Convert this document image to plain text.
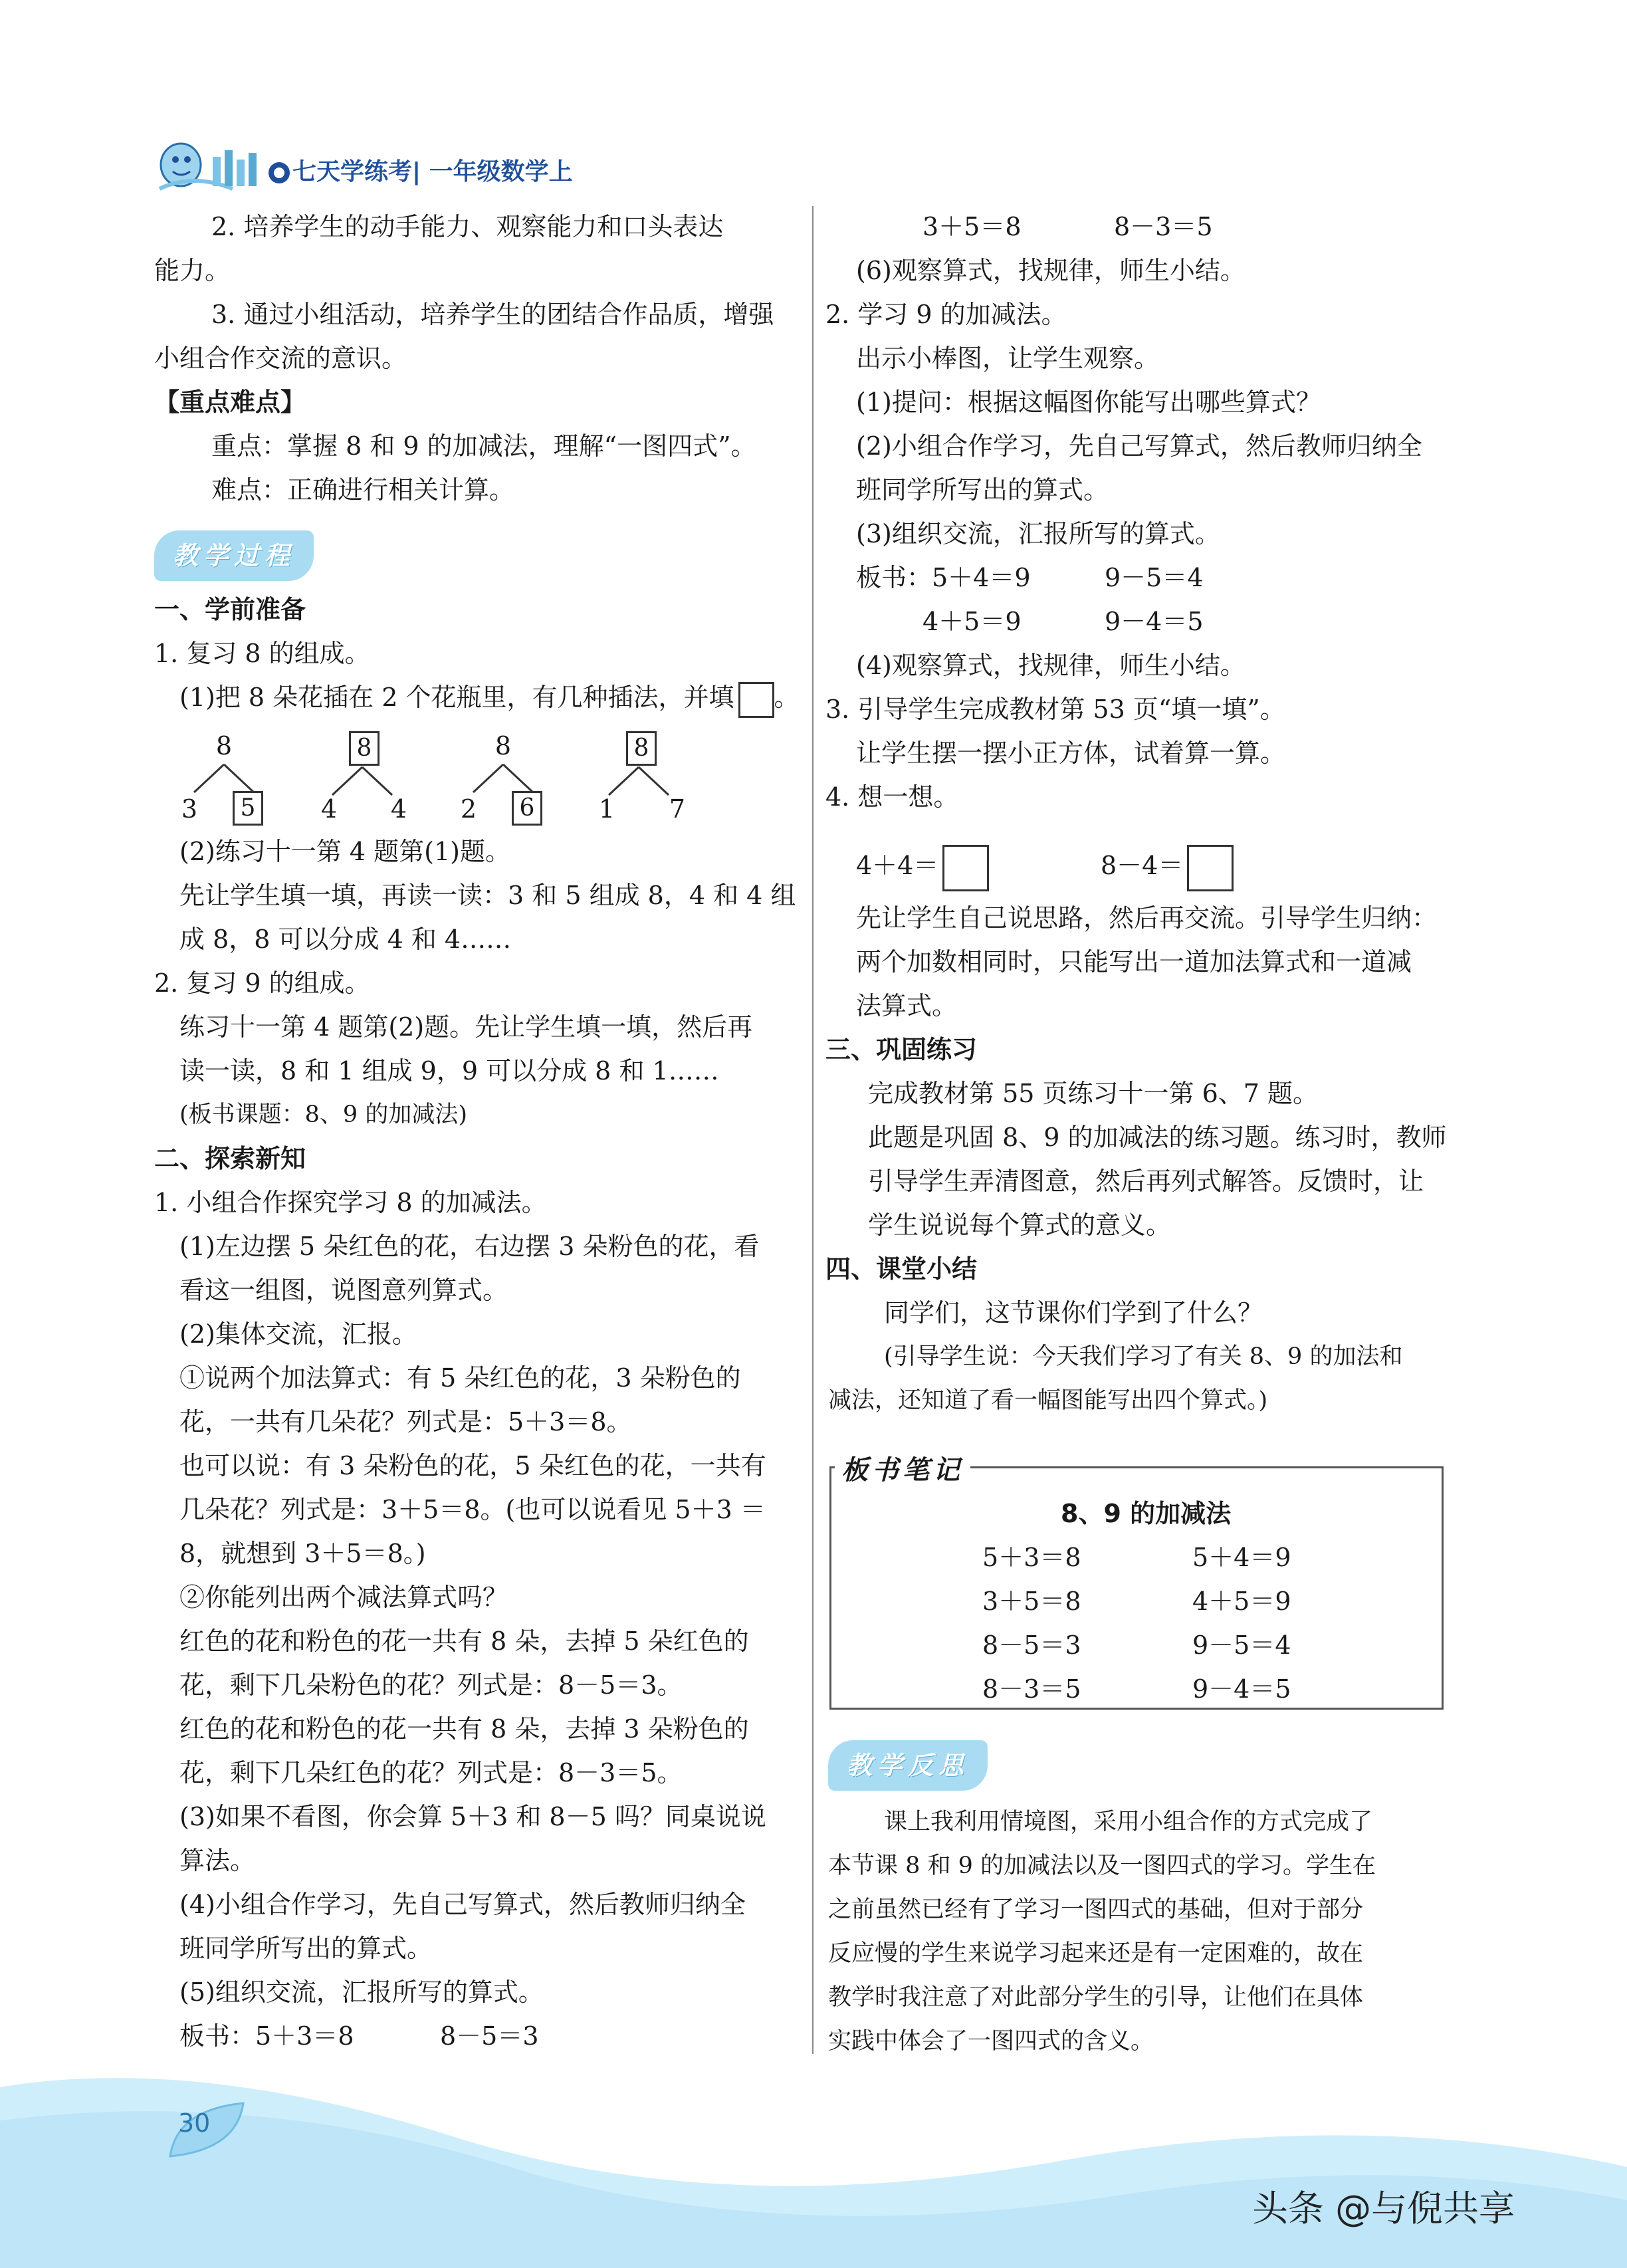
七天学练考| 一年级数学上
2. 培养学生的动手能力、观察能力和口头表达
能力。
3. 通过小组活动，培养学生的团结合作品质，增强
小组合作交流的意识。
【重点难点】
重点：掌握 8 和 9 的加减法，理解“一图四式”。
难点：正确进行相关计算。
教学过程
一、学前准备
1. 复习 8 的组成。
(1)把 8 朵花插在 2 个花瓶里，有几种插法，并填 。
8
3	5
8
4	4
8
2	6
8
1	7
(2)练习十一第 4 题第(1)题。
先让学生填一填，再读一读：3 和 5 组成 8，4 和 4 组
成 8，8 可以分成 4 和 4……
2. 复习 9 的组成。
练习十一第 4 题第(2)题。先让学生填一填，然后再
读一读，8 和 1 组成 9，9 可以分成 8 和 1……
(板书课题：8、9 的加减法)
二、探索新知
1. 小组合作探究学习 8 的加减法。
(1)左边摆 5 朵红色的花，右边摆 3 朵粉色的花，看
看这一组图，说图意列算式。
(2)集体交流，汇报。
①说两个加法算式：有 5 朵红色的花，3 朵粉色的
花，一共有几朵花？列式是：5＋3＝8。
也可以说：有 3 朵粉色的花，5 朵红色的花，一共有
几朵花？列式是：3＋5＝8。(也可以说看见 5＋3 ＝
8，就想到 3＋5＝8。)
②你能列出两个减法算式吗？
红色的花和粉色的花一共有 8 朵，去掉 5 朵红色的
花，剩下几朵粉色的花？列式是：8－5＝3。
红色的花和粉色的花一共有 8 朵，去掉 3 朵粉色的
花，剩下几朵红色的花？列式是：8－3＝5。
(3)如果不看图，你会算 5＋3 和 8－5 吗？同桌说说
算法。
(4)小组合作学习，先自己写算式，然后教师归纳全
班同学所写出的算式。
(5)组织交流，汇报所写的算式。
板书：5＋3＝8	8－5＝3
3＋5＝8	8－3＝5
(6)观察算式，找规律，师生小结。
2. 学习 9 的加减法。
出示小棒图，让学生观察。
(1)提问：根据这幅图你能写出哪些算式？
(2)小组合作学习，先自己写算式，然后教师归纳全
班同学所写出的算式。
(3)组织交流，汇报所写的算式。
板书：5＋4＝9	9－5＝4
4＋5＝9	9－4＝5
(4)观察算式，找规律，师生小结。
3. 引导学生完成教材第 53 页“填一填”。
让学生摆一摆小正方体，试着算一算。
4. 想一想。
4＋4＝	8－4＝
先让学生自己说思路，然后再交流。引导学生归纳：
两个加数相同时，只能写出一道加法算式和一道减
法算式。
三、巩固练习
完成教材第 55 页练习十一第 6、7 题。
此题是巩固 8、9 的加减法的练习题。练习时，教师
引导学生弄清图意，然后再列式解答。反馈时，让
学生说说每个算式的意义。
四、课堂小结
同学们，这节课你们学到了什么？
(引导学生说：今天我们学习了有关 8、9 的加法和
减法，还知道了看一幅图能写出四个算式。)
板书笔记
8、9 的加减法
5＋3＝8	5＋4＝9
3＋5＝8	4＋5＝9
8－5＝3	9－5＝4
8－3＝5	9－4＝5
教学反思
课上我利用情境图，采用小组合作的方式完成了
本节课 8 和 9 的加减法以及一图四式的学习。学生在
之前虽然已经有了学习一图四式的基础，但对于部分
反应慢的学生来说学习起来还是有一定困难的，故在
教学时我注意了对此部分学生的引导，让他们在具体
实践中体会了一图四式的含义。
30
头条 @与倪共享
